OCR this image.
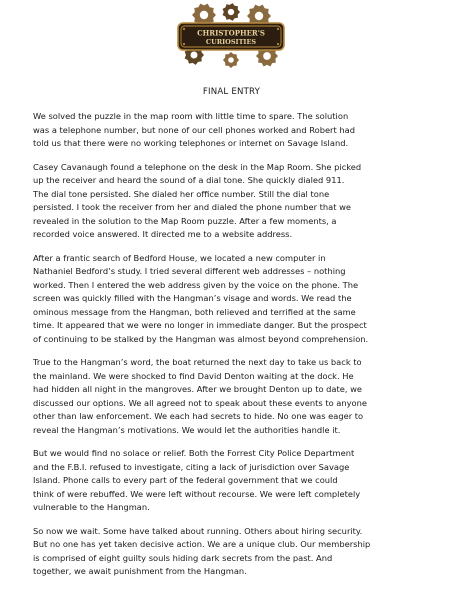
CHRISTOPHER'S
CURIOSITIES
FINAL ENTRY

We solved the puzzle in the map room with little time to spare. The solution
was a telephone number, but none of our cell phones worked and Robert had
told us that there were no working telephones or internet on Savage Island.

Casey Cavanaugh found a telephone on the desk in the Map Room. She picked
up the receiver and heard the sound of a dial tone. She quickly dialed 911.
The dial tone persisted. She dialed her office number. Still the dial tone
persisted. I took the receiver from her and dialed the phone number that we
revealed in the solution to the Map Room puzzle. After a few moments, a
recorded voice answered. It directed me to a website address.

After a frantic search of Bedford House, we located a new computer in
Nathaniel Bedford’s study. I tried several different web addresses – nothing
worked. Then I entered the web address given by the voice on the phone. The
screen was quickly filled with the Hangman’s visage and words. We read the
ominous message from the Hangman, both relieved and terrified at the same
time. It appeared that we were no longer in immediate danger. But the prospect
of continuing to be stalked by the Hangman was almost beyond comprehension.

True to the Hangman’s word, the boat returned the next day to take us back to
the mainland. We were shocked to find David Denton waiting at the dock. He
had hidden all night in the mangroves. After we brought Denton up to date, we
discussed our options. We all agreed not to speak about these events to anyone
other than law enforcement. We each had secrets to hide. No one was eager to
reveal the Hangman’s motivations. We would let the authorities handle it.

But we would find no solace or relief. Both the Forrest City Police Department
and the F.B.I. refused to investigate, citing a lack of jurisdiction over Savage
Island. Phone calls to every part of the federal government that we could
think of were rebuffed. We were left without recourse. We were left completely
vulnerable to the Hangman.

So now we wait. Some have talked about running. Others about hiring security.
But no one has yet taken decisive action. We are a unique club. Our membership
is comprised of eight guilty souls hiding dark secrets from the past. And
together, we await punishment from the Hangman.
